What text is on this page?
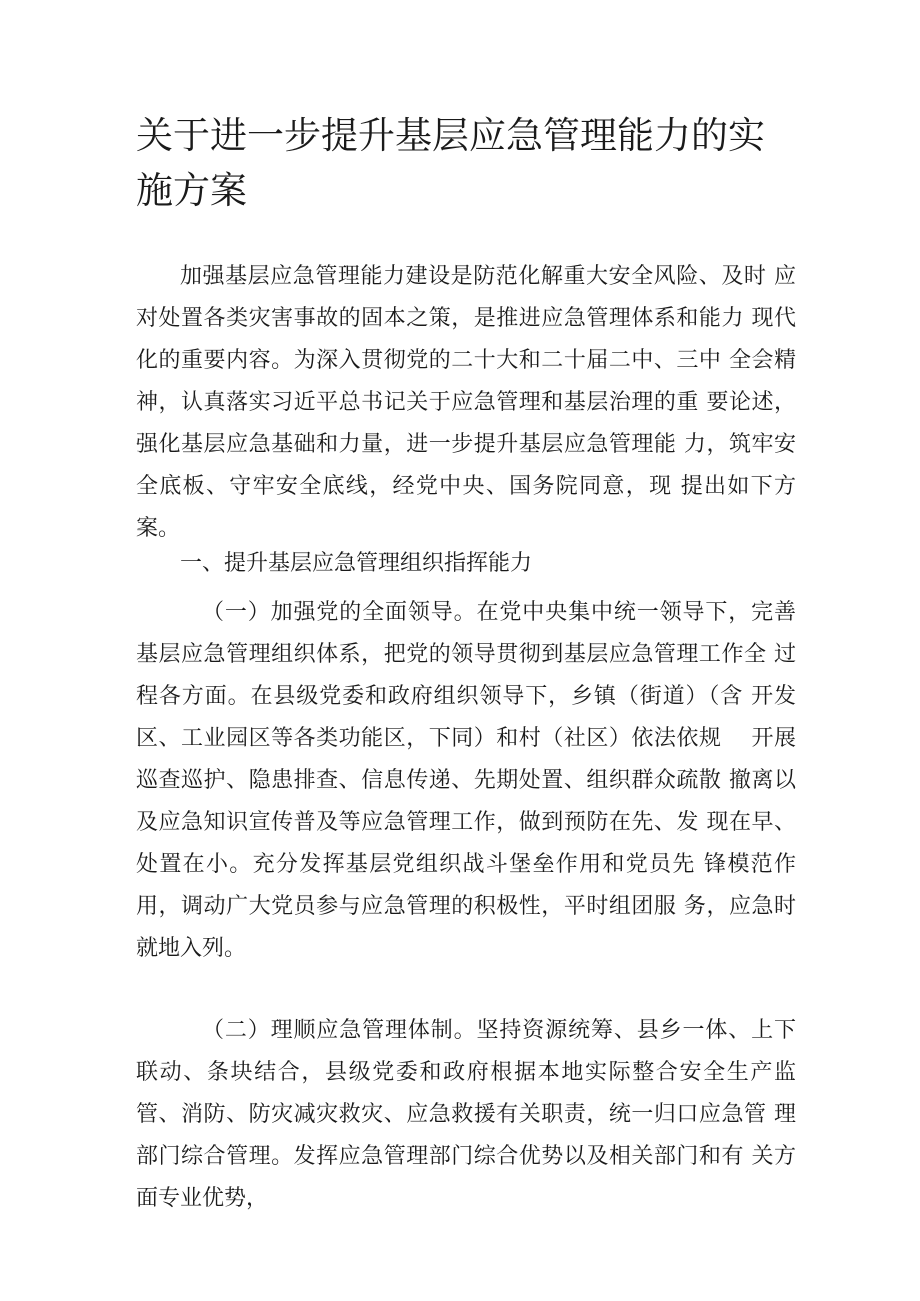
关于进一步提升基层应急管理能力的实施方案

加强基层应急管理能力建设是防范化解重大安全风险、及时 应对处置各类灾害事故的固本之策，是推进应急管理体系和能力 现代化的重要内容。为深入贯彻党的二十大和二十届二中、三中 全会精神，认真落实习近平总书记关于应急管理和基层治理的重 要论述，强化基层应急基础和力量，进一步提升基层应急管理能 力，筑牢安全底板、守牢安全底线，经党中央、国务院同意，现 提出如下方案。

一、提升基层应急管理组织指挥能力

（一）加强党的全面领导。在党中央集中统一领导下，完善 基层应急管理组织体系，把党的领导贯彻到基层应急管理工作全 过程各方面。在县级党委和政府组织领导下，乡镇（街道）（含 开发区、工业园区等各类功能区，下同）和村（社区）依法依规　 开展巡查巡护、隐患排查、信息传递、先期处置、组织群众疏散 撤离以及应急知识宣传普及等应急管理工作，做到预防在先、发 现在早、处置在小。充分发挥基层党组织战斗堡垒作用和党员先 锋模范作用，调动广大党员参与应急管理的积极性，平时组团服 务，应急时就地入列。

（二）理顺应急管理体制。坚持资源统筹、县乡一体、上下 联动、条块结合，县级党委和政府根据本地实际整合安全生产监 管、消防、防灾减灾救灾、应急救援有关职责，统一归口应急管 理部门综合管理。发挥应急管理部门综合优势以及相关部门和有 关方面专业优势，
